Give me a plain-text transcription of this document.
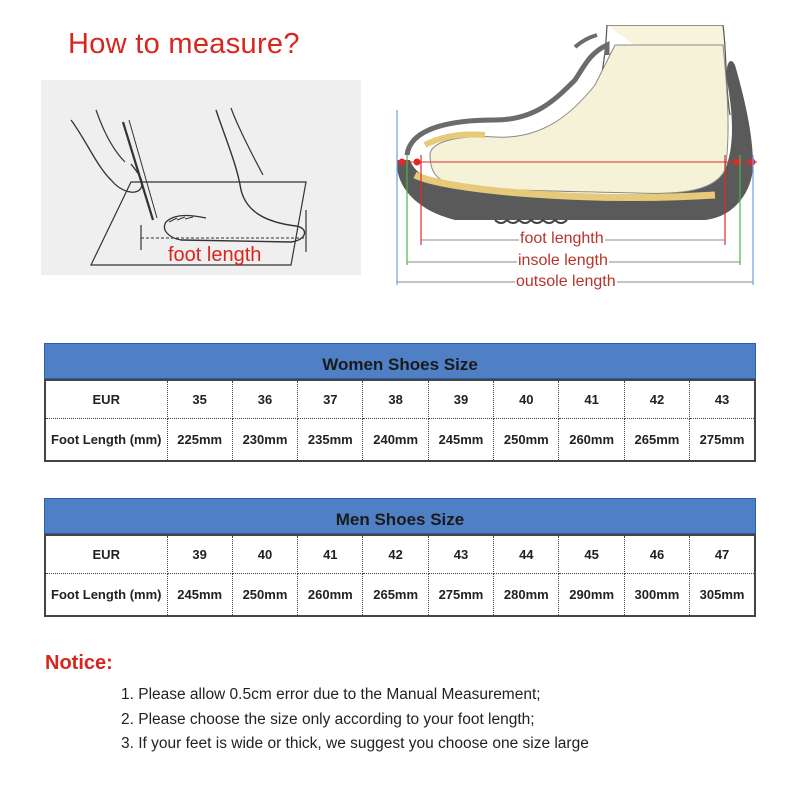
How to measure?
foot length
foot lenghth
insole length
outsole length
Women Shoes Size
EUR	35	36	37	38	39	40	41	42	43
Foot Length (mm)	225mm	230mm	235mm	240mm	245mm	250mm	260mm	265mm	275mm
Men Shoes Size
EUR	39	40	41	42	43	44	45	46	47
Foot Length (mm)	245mm	250mm	260mm	265mm	275mm	280mm	290mm	300mm	305mm
Notice:
1. Please allow 0.5cm error due to the Manual Measurement;
2. Please choose the size only according to your foot length;
3. If your feet is wide or thick, we suggest you choose one size large
